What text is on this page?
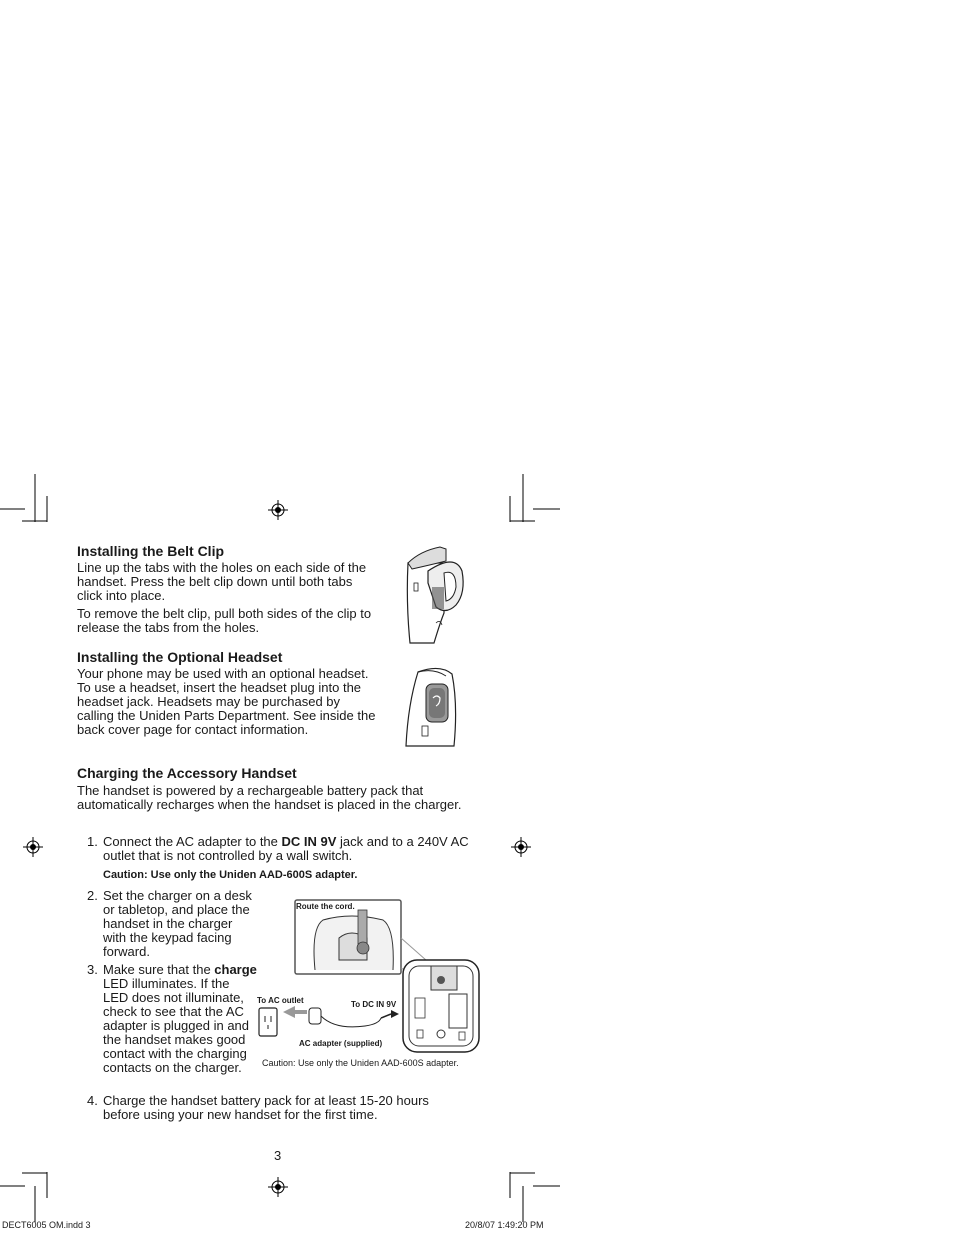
Installing the Belt Clip

Line up the tabs with the holes on each side of the handset. Press the belt clip down until both tabs click into place.

To remove the belt clip, pull both sides of the clip to release the tabs from the holes.

Installing the Optional Headset

Your phone may be used with an optional headset. To use a headset, insert the headset plug into the headset jack. Headsets may be purchased by calling the Uniden Parts Department. See inside the back cover page for contact information.

Charging the Accessory Handset

The handset is powered by a rechargeable battery pack that automatically recharges when the handset is placed in the charger.

1. Connect the AC adapter to the DC IN 9V jack and to a 240V AC outlet that is not controlled by a wall switch.
Caution: Use only the Uniden AAD-600S adapter.
2. Set the charger on a desk or tabletop, and place the handset in the charger with the keypad facing forward.
3. Make sure that the charge LED illuminates. If the LED does not illuminate, check to see that the AC adapter is plugged in and the handset makes good contact with the charging contacts on the charger.
Route the cord.
To AC outlet	To DC IN 9V
AC adapter (supplied)
Caution: Use only the Uniden AAD-600S adapter.
4. Charge the handset battery pack for at least 15-20 hours before using your new handset for the first time.
3
DECT6005 OM.indd 3	20/8/07 1:49:20 PM
